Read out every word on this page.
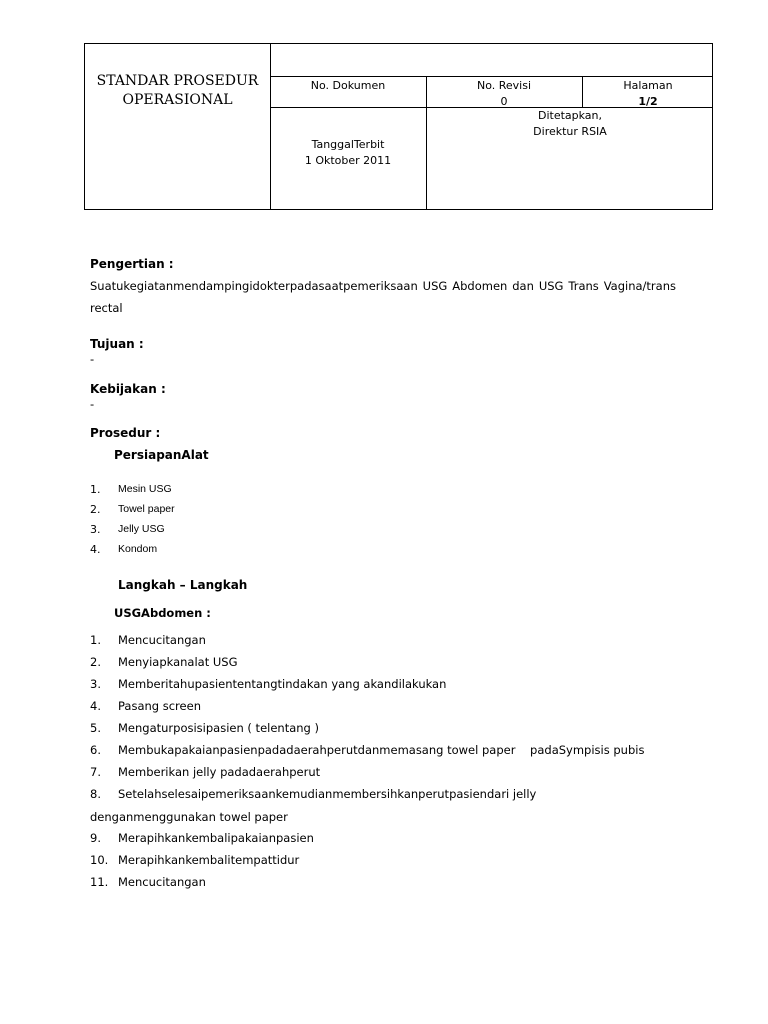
STANDAR PROSEDUR
OPERASIONAL
No. Dokumen	No. Revisi
0
Halaman
1/2
TanggalTerbit
1 Oktober 2011
Ditetapkan,
Direktur RSIA
Pengertian :
Suatukegiatanmendampingidokterpadasaatpemeriksaan USG Abdomen dan USG Trans Vagina/trans
rectal
Tujuan :
-
Kebijakan :
-
Prosedur :
PersiapanAlat
1. Mesin USG
2. Towel paper
3. Jelly USG
4. Kondom
Langkah – Langkah
USGAbdomen :
1. Mencucitangan
2. Menyiapkanalat USG
3. Memberitahupasiententangtindakan yang akandilakukan
4. Pasang screen
5. Mengaturposisipasien ( telentang )
6. Membukapakaianpasienpadadaerahperutdanmemasang towel paper    padaSympisis pubis
7. Memberikan jelly padadaerahperut
8. Setelahselesaipemeriksaankemudianmembersihkanperutpasiendari jelly
denganmenggunakan towel paper
9. Merapihkankembalipakaianpasien
10. Merapihkankembalitempattidur
11. Mencucitangan
